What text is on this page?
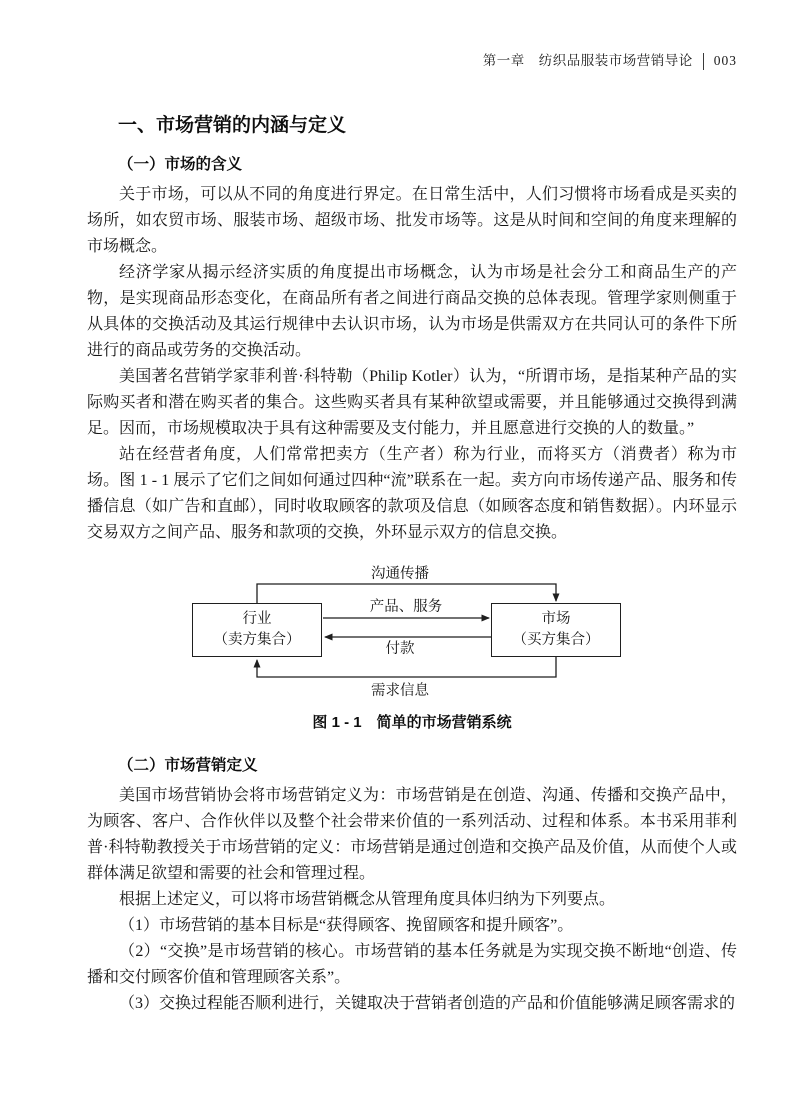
第一章　纺织品服装市场营销导论 003
一、市场营销的内涵与定义
（一）市场的含义

关于市场，可以从不同的角度进行界定。在日常生活中，人们习惯将市场看成是买卖的场所，如农贸市场、服装市场、超级市场、批发市场等。这是从时间和空间的角度来理解的市场概念。

经济学家从揭示经济实质的角度提出市场概念，认为市场是社会分工和商品生产的产物，是实现商品形态变化，在商品所有者之间进行商品交换的总体表现。管理学家则侧重于从具体的交换活动及其运行规律中去认识市场，认为市场是供需双方在共同认可的条件下所进行的商品或劳务的交换活动。

美国著名营销学家菲利普·科特勒（Philip Kotler）认为，“所谓市场，是指某种产品的实际购买者和潜在购买者的集合。这些购买者具有某种欲望或需要，并且能够通过交换得到满足。因而，市场规模取决于具有这种需要及支付能力，并且愿意进行交换的人的数量。”

站在经营者角度，人们常常把卖方（生产者）称为行业，而将买方（消费者）称为市场。图 1 - 1 展示了它们之间如何通过四种“流”联系在一起。卖方向市场传递产品、服务和传播信息（如广告和直邮），同时收取顾客的款项及信息（如顾客态度和销售数据）。内环显示交易双方之间产品、服务和款项的交换，外环显示双方的信息交换。

行业
（卖方集合）
市场
（买方集合）
沟通传播
产品、服务
付款
需求信息
图 1 - 1　简单的市场营销系统
（二）市场营销定义

美国市场营销协会将市场营销定义为：市场营销是在创造、沟通、传播和交换产品中，为顾客、客户、合作伙伴以及整个社会带来价值的一系列活动、过程和体系。本书采用菲利普·科特勒教授关于市场营销的定义：市场营销是通过创造和交换产品及价值，从而使个人或群体满足欲望和需要的社会和管理过程。

根据上述定义，可以将市场营销概念从管理角度具体归纳为下列要点。

（1）市场营销的基本目标是“获得顾客、挽留顾客和提升顾客”。

（2）“交换”是市场营销的核心。市场营销的基本任务就是为实现交换不断地“创造、传播和交付顾客价值和管理顾客关系”。

（3）交换过程能否顺利进行，关键取决于营销者创造的产品和价值能够满足顾客需求的
